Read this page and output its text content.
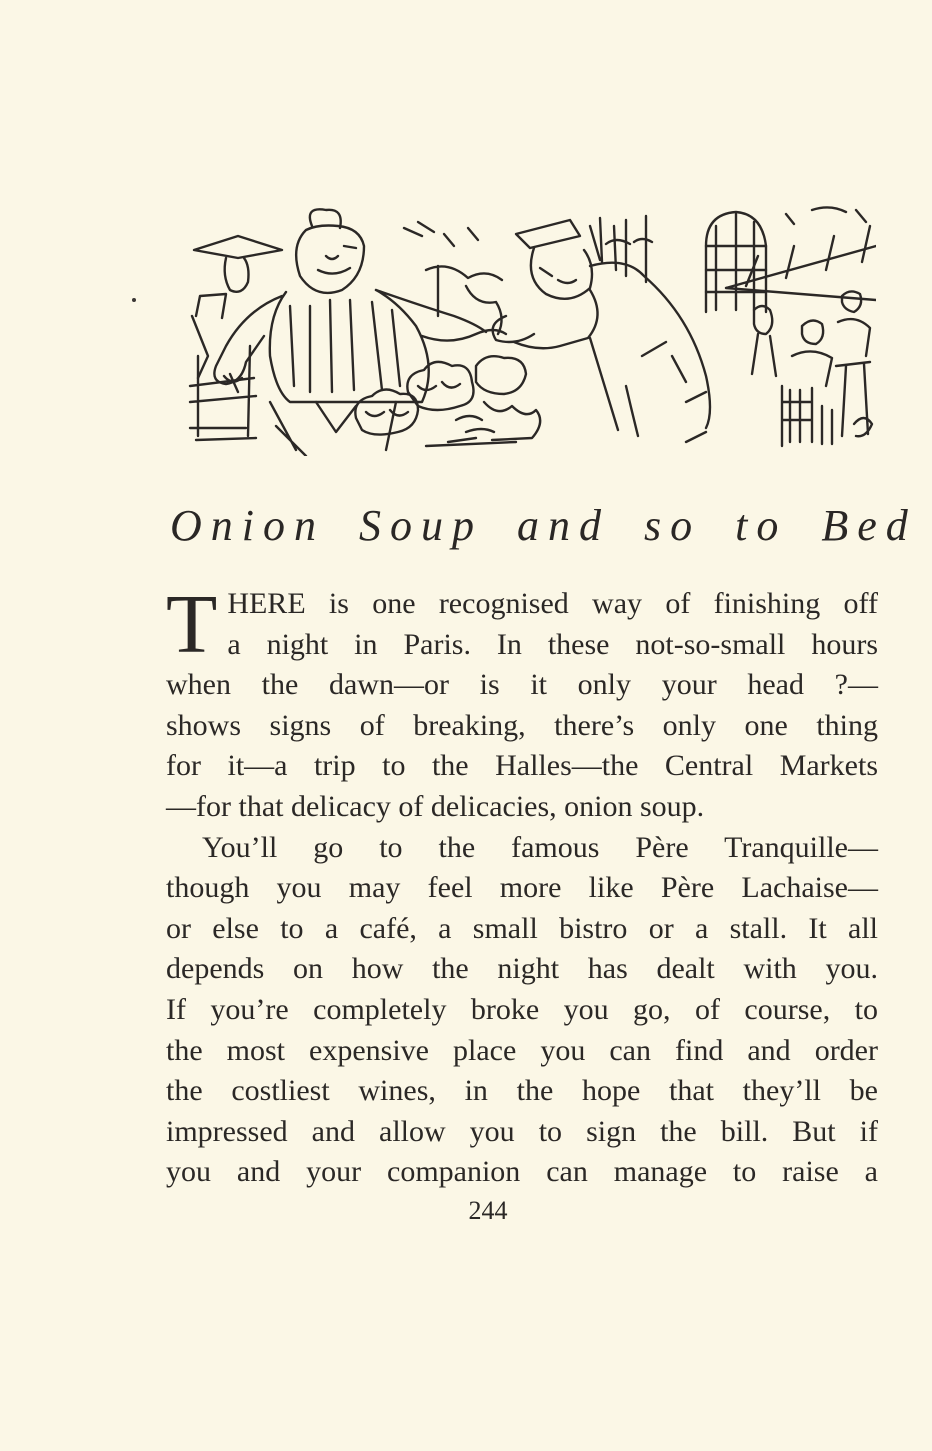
Onion Soup and so to Bed

T HERE is one recognised way of finishing off
a night in Paris. In these not-so-small hours
when the dawn—or is it only your head ?—
shows signs of breaking, there’s only one thing
for it—a trip to the Halles—the Central Markets
—for that delicacy of delicacies, onion soup.

You’ll go to the famous Père Tranquille—
though you may feel more like Père Lachaise—
or else to a café, a small bistro or a stall. It all
depends on how the night has dealt with you.
If you’re completely broke you go, of course, to
the most expensive place you can find and order
the costliest wines, in the hope that they’ll be
impressed and allow you to sign the bill. But if
you and your companion can manage to raise a

244
